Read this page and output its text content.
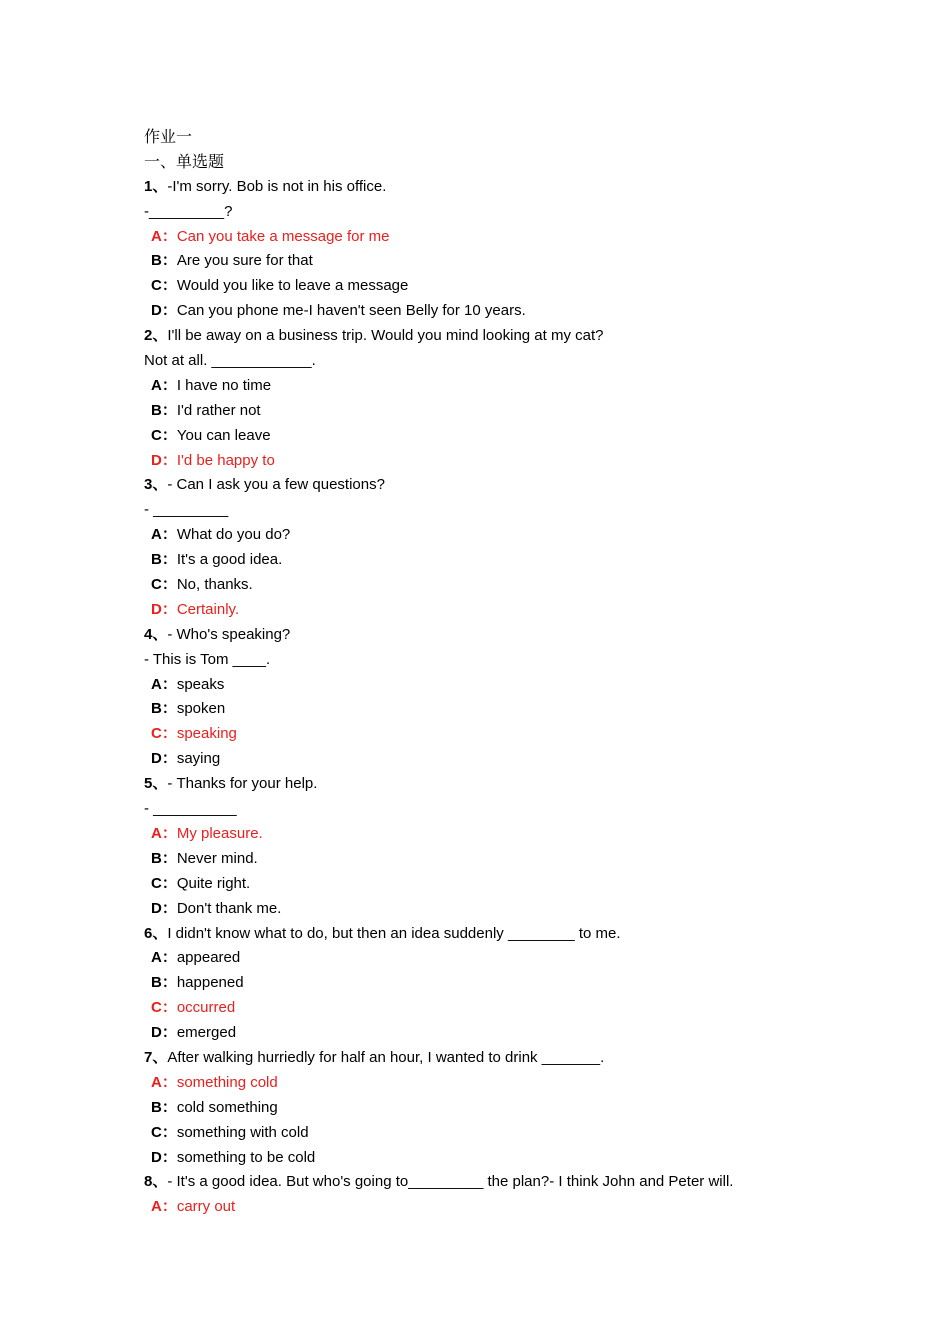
作业一
一、单选题
1、-I'm sorry. Bob is not in his office.
-_________?
A：Can you take a message for me
B：Are you sure for that
C：Would you like to leave a message
D：Can you phone me-I haven't seen Belly for 10 years.
2、I'll be away on a business trip. Would you mind looking at my cat?
Not at all. ____________.
A：I have no time
B：I'd rather not
C：You can leave
D：I'd be happy to
3、- Can I ask you a few questions?
- _________
A：What do you do?
B：It's a good idea.
C：No, thanks.
D：Certainly.
4、- Who's speaking?
- This is Tom ____.
A：speaks
B：spoken
C：speaking
D：saying
5、- Thanks for your help.
- __________
A：My pleasure.
B：Never mind.
C：Quite right.
D：Don't thank me.
6、I didn't know what to do, but then an idea suddenly ________ to me.
A：appeared
B：happened
C：occurred
D：emerged
7、After walking hurriedly for half an hour, I wanted to drink _______.
A：something cold
B：cold something
C：something with cold
D：something to be cold
8、- It's a good idea. But who's going to_________ the plan?- I think John and Peter will.
A：carry out
